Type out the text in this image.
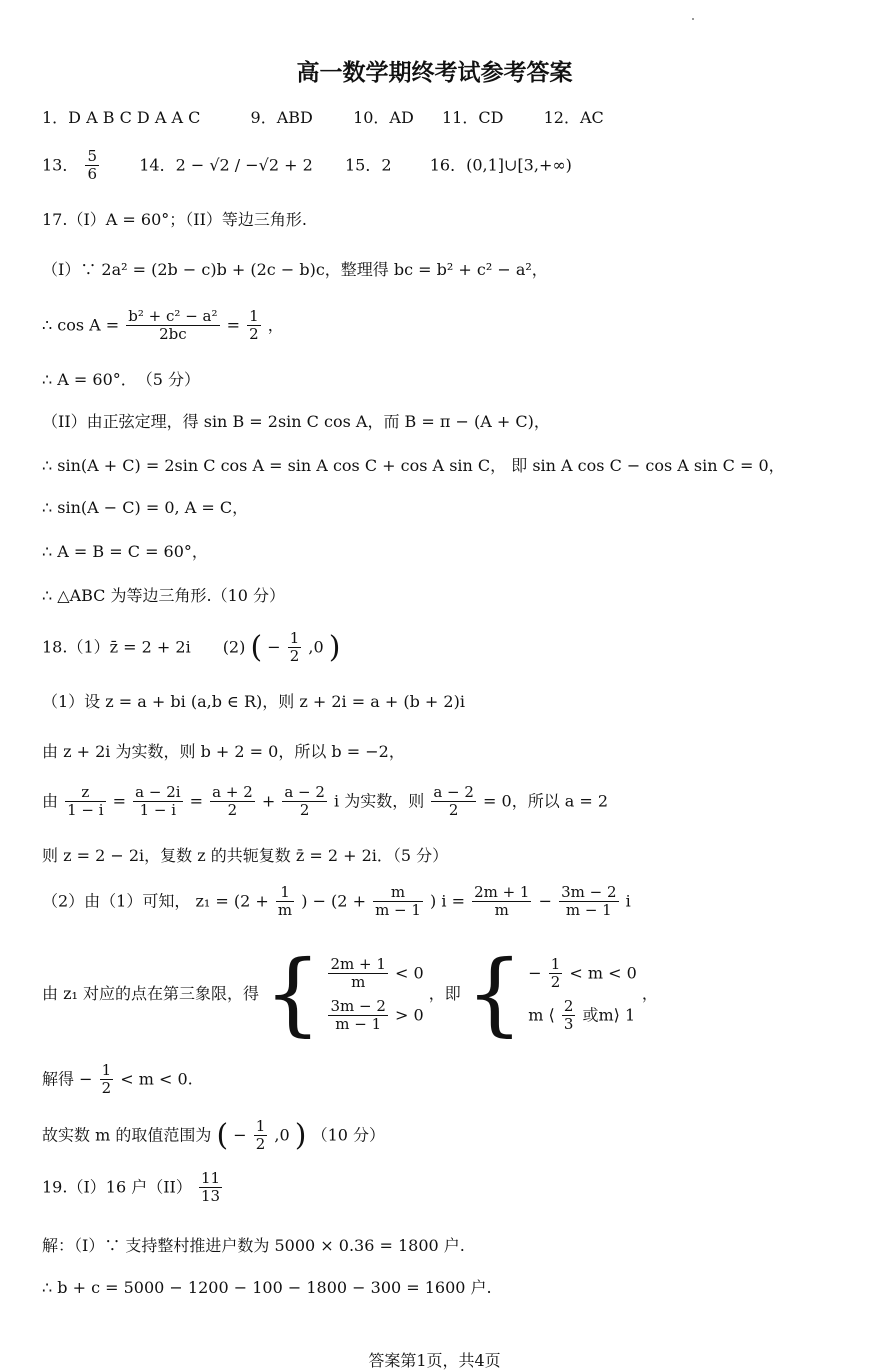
高一数学期终考试参考答案
1．D A B C D A A C	9．ABD	10．AD 11．CD	12．AC
13． $\frac{5}{6}$	14．2 − √2 / −√2 + 2 15．2 16．(0,1]∪[3,+∞)
17.（I）A = 60°；（II）等边三角形.
（I）∵ 2a² = (2b − c)b + (2c − b)c，整理得 bc = b² + c² − a²，
∴ $\cos A = \frac{\text{b² + c² − a²}}{2bc} = \frac{1}{2}$ ，
∴ A = 60°．　（5 分）
（II）由正弦定理，得 sin B = 2sin C cos A，而 B = π − (A + C)，
∴ sin(A + C) = 2sin C cos A = sin A cos C + cos A sin C， 即 sin A cos C − cos A sin C = 0，
∴ sin(A − C) = 0, A = C，
∴ A = B = C = 60°，
∴ △ABC 为等边三角形.（10 分）
18.（1）z̄ = 2 + 2i　　(2) ( − $\frac{1}{2} ,0$ )
（1）设 z = a + bi (a,b ∈ R)，则 z + 2i = a + (b + 2)i
由 z + 2i 为实数，则 b + 2 = 0，所以 b = −2，
由 $\frac{z}{1 - i} = \frac{a - 2i}{1 - i} = \frac{a + 2}{2} + \frac{a - 2}{2}$ i 为实数，则 $\frac{a - 2}{2} = 0$，所以 a = 2
则 z = 2 − 2i，复数 z 的共轭复数 z̄ = 2 + 2i．（5 分）
（2）由（1）可知， $z_1 = (2 + \frac{1}{m}$ ) − ($2 + \frac{m}{m - 1}$ ) $i = \frac{2m + 1}{m} - \frac{3m - 2}{m - 1}$ i
由 z₁ 对应的点在第三象限，得 { $\frac{2m + 1}{m} < 0$
$\frac{3m - 2}{m - 1} > 0$
，即 { − $\frac{1}{2} < m < 0$
m ⟨ $\frac{2}{3}$ 或m⟩ 1
，
解得 − $\frac{1}{2} < m < 0$.
故实数 m 的取值范围为 ( − $\frac{1}{2} ,0$ ) （10 分）
19.（I）16 户$(II) \frac{11}{13}$
解：（I）∵ 支持整村推进户数为 5000 × 0.36 = 1800 户.
∴ b + c = 5000 − 1200 − 100 − 1800 − 300 = 1600 户.
答案第1页，共4页
